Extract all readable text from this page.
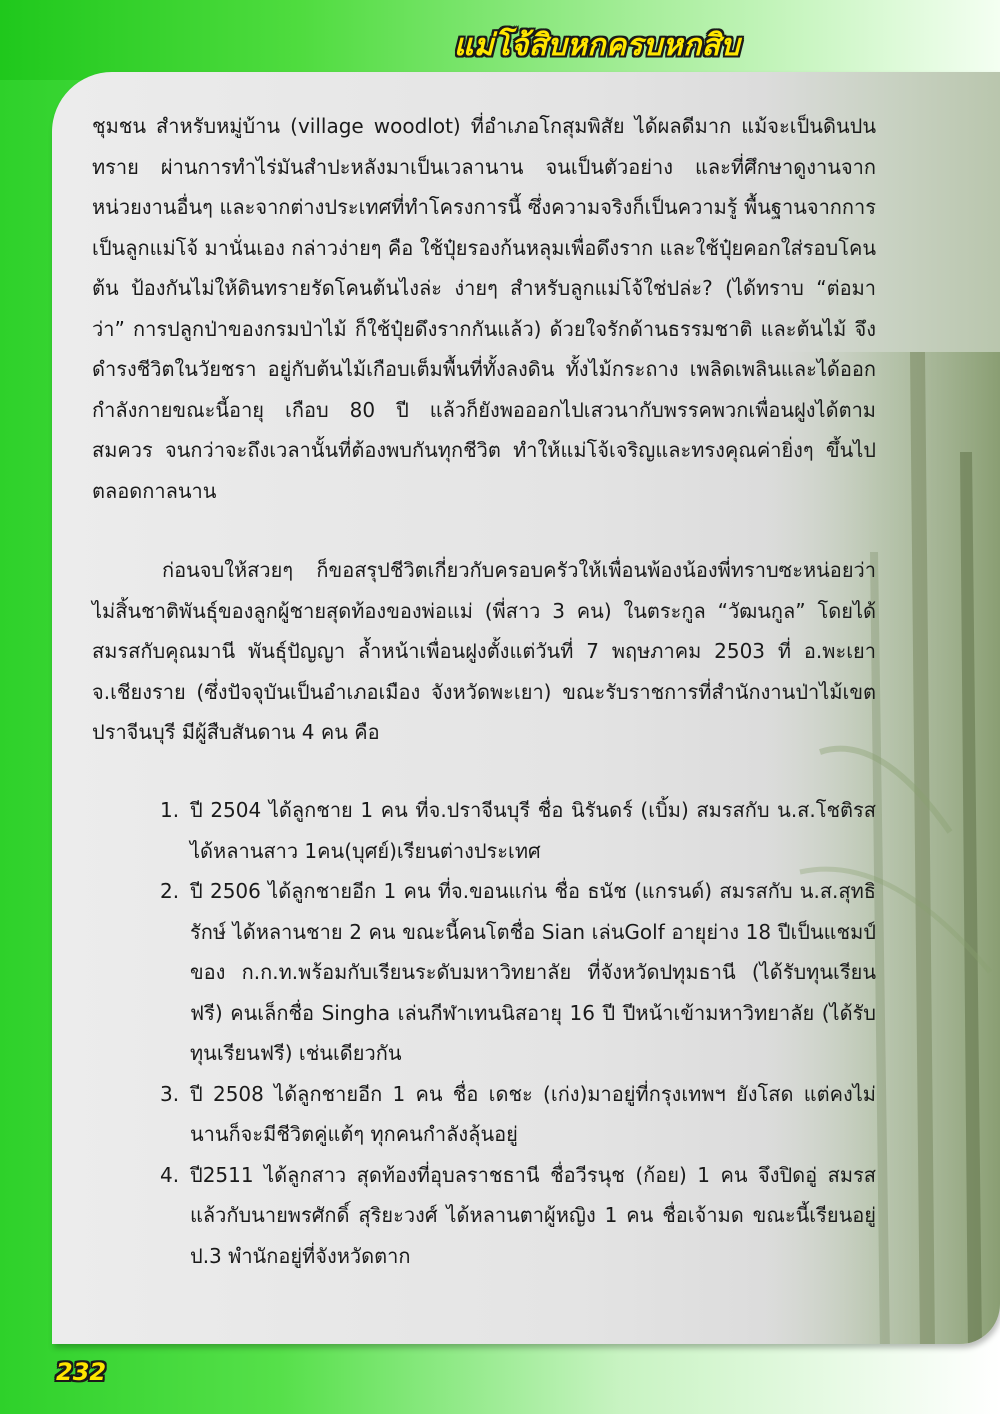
แม่โจ้สิบหกครบหกสิบ
ชุมชน สำหรับหมู่บ้าน (village woodlot) ที่อำเภอโกสุมพิสัย ได้ผลดีมาก แม้จะเป็นดินปนทราย ผ่านการทำไร่มันสำปะหลังมาเป็นเวลานาน จนเป็นตัวอย่าง และที่ศึกษาดูงานจากหน่วยงานอื่นๆ และจากต่างประเทศที่ทำโครงการนี้ ซึ่งความจริงก็เป็นความรู้ พื้นฐานจากการเป็นลูกแม่โจ้ มานั่นเอง กล่าวง่ายๆ คือ ใช้ปุ๋ยรองก้นหลุมเพื่อดึงราก และใช้ปุ๋ยคอกใส่รอบโคนต้น ป้องกันไม่ให้ดินทรายรัดโคนต้นไงล่ะ ง่ายๆ สำหรับลูกแม่โจ้ใช่ปล่ะ? (ได้ทราบ “ต่อมาว่า” การปลูกป่าของกรมป่าไม้ ก็ใช้ปุ๋ยดึงรากกันแล้ว) ด้วยใจรักด้านธรรมชาติ และต้นไม้ จึงดำรงชีวิตในวัยชรา อยู่กับต้นไม้เกือบเต็มพื้นที่ทั้งลงดิน ทั้งไม้กระถาง เพลิดเพลินและได้ออกกำลังกายขณะนี้อายุ เกือบ 80 ปี แล้วก็ยังพอออกไปเสวนากับพรรคพวกเพื่อนฝูงได้ตามสมควร จนกว่าจะถึงเวลานั้นที่ต้องพบกันทุกชีวิต ทำให้แม่โจ้เจริญและทรงคุณค่ายิ่งๆ ขึ้นไป ตลอดกาลนาน
ก่อนจบให้สวยๆ ก็ขอสรุปชีวิตเกี่ยวกับครอบครัวให้เพื่อนพ้องน้องพี่ทราบซะหน่อยว่าไม่สิ้นชาติพันธุ์ของลูกผู้ชายสุดท้องของพ่อแม่ (พี่สาว 3 คน) ในตระกูล “วัฒนกูล” โดยได้สมรสกับคุณมานี พันธุ์ปัญญา ล้ำหน้าเพื่อนฝูงตั้งแต่วันที่ 7 พฤษภาคม 2503 ที่ อ.พะเยา จ.เชียงราย (ซึ่งปัจจุบันเป็นอำเภอเมือง จังหวัดพะเยา) ขณะรับราชการที่สำนักงานป่าไม้เขตปราจีนบุรี มีผู้สืบสันดาน 4 คน คือ
1. ปี 2504 ได้ลูกชาย 1 คน ที่จ.ปราจีนบุรี ชื่อ นิรันดร์ (เบิ้ม) สมรสกับ น.ส.โชติรส ได้หลานสาว 1คน(บุศย์)เรียนต่างประเทศ
2. ปี 2506 ได้ลูกชายอีก 1 คน ที่จ.ขอนแก่น ชื่อ ธนัช (แกรนด์) สมรสกับ น.ส.สุทธิรักษ์ ได้หลานชาย 2 คน ขณะนี้คนโตชื่อ Sian เล่นGolf อายุย่าง 18 ปีเป็นแชมป์ของ ก.ก.ท.พร้อมกับเรียนระดับมหาวิทยาลัย ที่จังหวัดปทุมธานี (ได้รับทุนเรียนฟรี) คนเล็กชื่อ Singha เล่นกีฬาเทนนิสอายุ 16 ปี ปีหน้าเข้ามหาวิทยาลัย (ได้รับทุนเรียนฟรี) เช่นเดียวกัน
3. ปี 2508 ได้ลูกชายอีก 1 คน ชื่อ เดชะ (เก่ง)มาอยู่ที่กรุงเทพฯ ยังโสด แต่คงไม่นานก็จะมีชีวิตคู่แต้ๆ ทุกคนกำลังลุ้นอยู่
4. ปี2511 ได้ลูกสาว สุดท้องที่อุบลราชธานี ชื่อวีรนุช (ก้อย) 1 คน จึงปิดอู่ สมรสแล้วกับนายพรศักดิ์ สุริยะวงศ์ ได้หลานตาผู้หญิง 1 คน ชื่อเจ้ามด ขณะนี้เรียนอยู่ ป.3 พำนักอยู่ที่จังหวัดตาก
232
